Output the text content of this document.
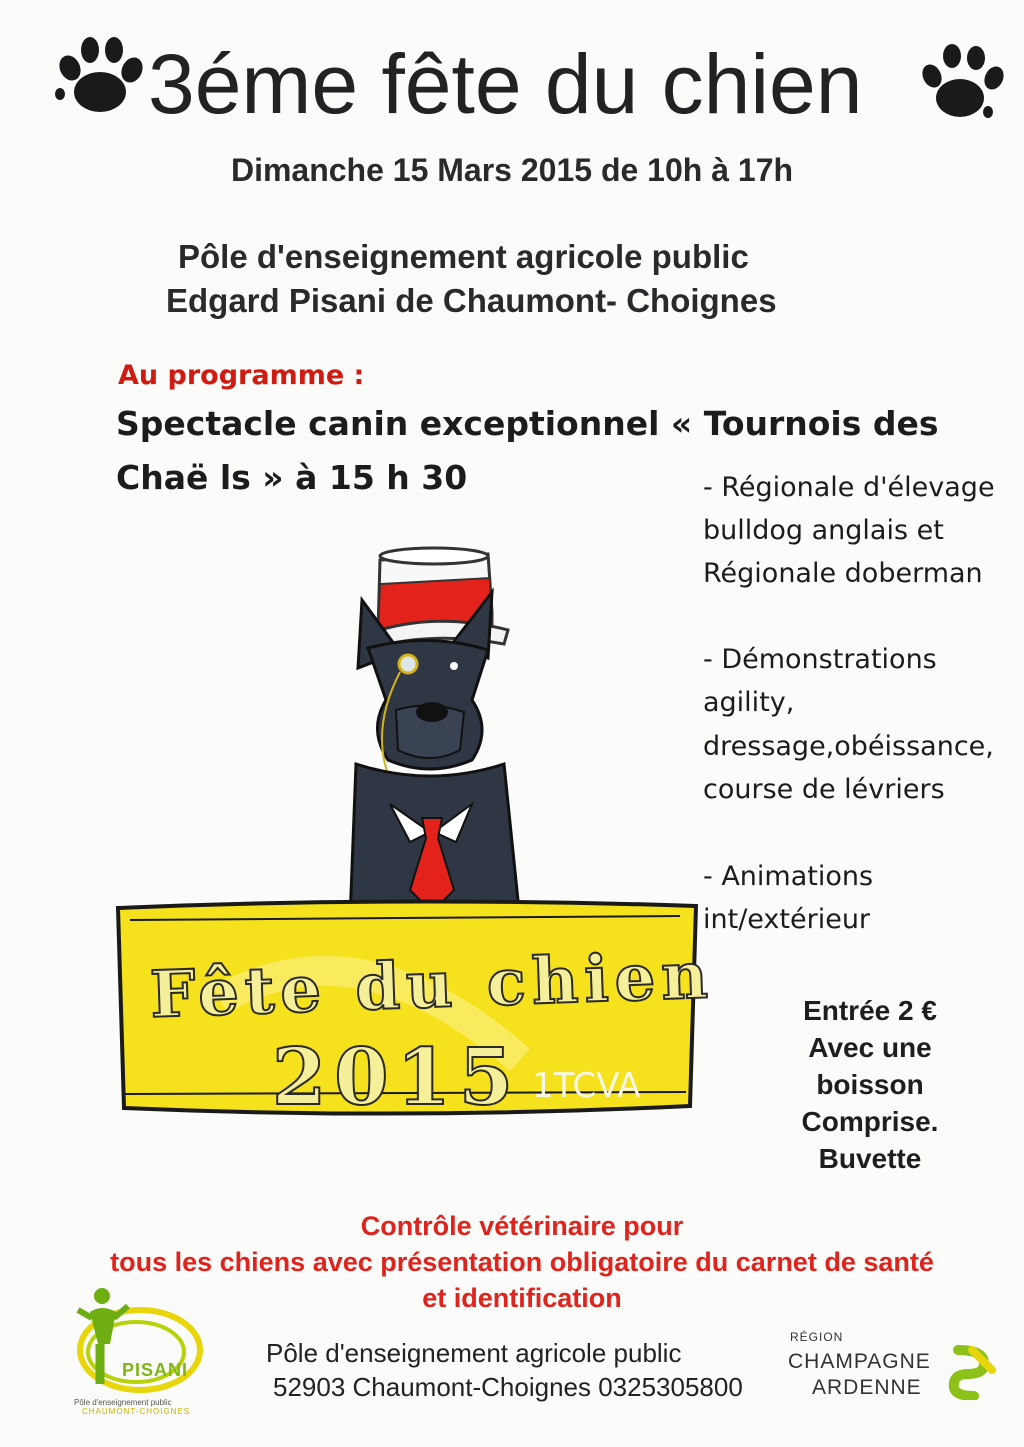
3éme fête du chien
Dimanche 15 Mars 2015 de 10h à 17h
Pôle d'enseignement agricole public
Edgard Pisani de Chaumont- Choignes
Au programme :
Spectacle canin exceptionnel « Tournois des
Chaë ls » à 15 h 30	- Régionale d'élevage
bulldog anglais et
Régionale doberman
- Démonstrations
agility,
dressage,obéissance,
course de lévriers
- Animations
int/extérieur
Fête du chien
2015 1TCVA
Entrée 2 €
Avec une
boisson
Comprise.
Buvette
Contrôle vétérinaire pour
tous les chiens avec présentation obligatoire du carnet de santé
et identification
PISANI
Pôle d'enseignement public
CHAUMONT-CHOIGNES
Pôle d'enseignement agricole public
52903 Chaumont-Choignes 0325305800
RÉGION
CHAMPAGNE
ARDENNE
